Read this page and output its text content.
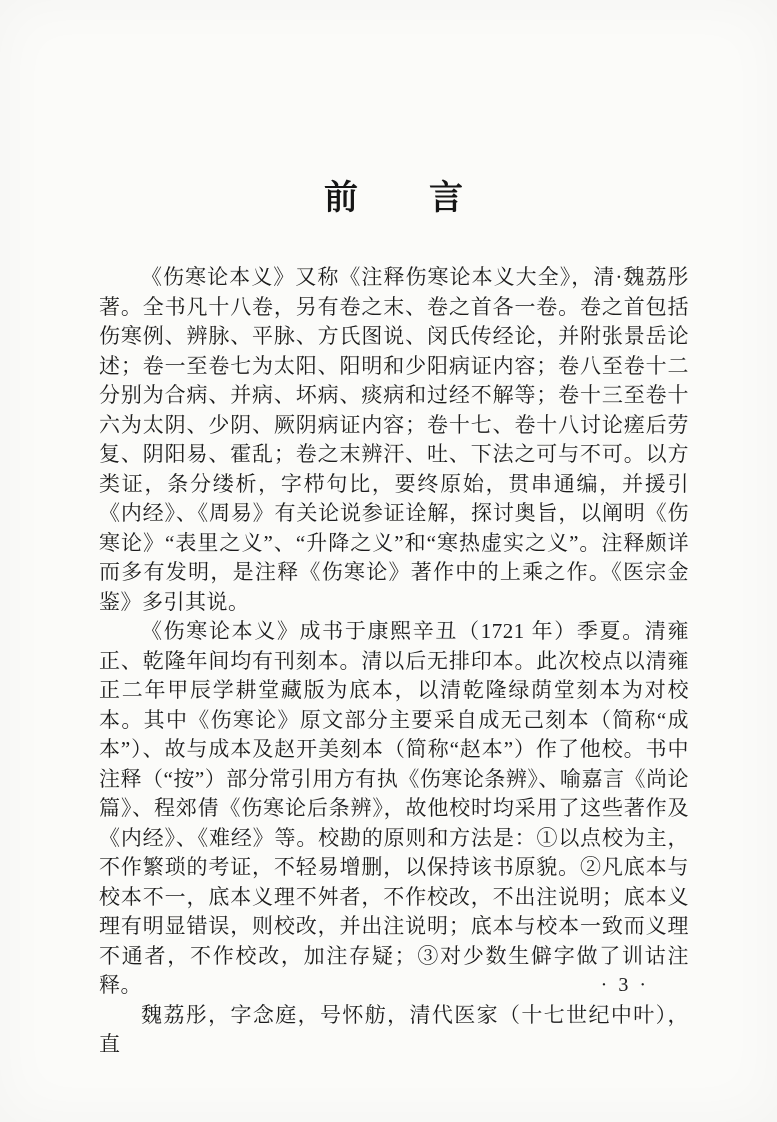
前　　言

《伤寒论本义》又称《注释伤寒论本义大全》，清·魏荔彤著。全书凡十八卷，另有卷之末、卷之首各一卷。卷之首包括伤寒例、辨脉、平脉、方氏图说、闵氏传经论，并附张景岳论述；卷一至卷七为太阳、阳明和少阳病证内容；卷八至卷十二分别为合病、并病、坏病、痰病和过经不解等；卷十三至卷十六为太阴、少阴、厥阴病证内容；卷十七、卷十八讨论瘥后劳复、阴阳易、霍乱；卷之末辨汗、吐、下法之可与不可。以方类证，条分缕析，字栉句比，要终原始，贯串通编，并援引《内经》、《周易》有关论说参证诠解，探讨奥旨，以阐明《伤寒论》“表里之义”、“升降之义”和“寒热虚实之义”。注释颇详而多有发明，是注释《伤寒论》著作中的上乘之作。《医宗金鉴》多引其说。

《伤寒论本义》成书于康熙辛丑（1721 年）季夏。清雍正、乾隆年间均有刊刻本。清以后无排印本。此次校点以清雍正二年甲辰学耕堂藏版为底本，以清乾隆绿荫堂刻本为对校本。其中《伤寒论》原文部分主要采自成无己刻本（简称“成本”）、故与成本及赵开美刻本（简称“赵本”）作了他校。书中注释（“按”）部分常引用方有执《伤寒论条辨》、喻嘉言《尚论篇》、程郊倩《伤寒论后条辨》，故他校时均采用了这些著作及《内经》、《难经》等。校勘的原则和方法是：①以点校为主，不作繁琐的考证，不轻易增删，以保持该书原貌。②凡底本与校本不一，底本义理不舛者，不作校改，不出注说明；底本义理有明显错误，则校改，并出注说明；底本与校本一致而义理不通者，不作校改，加注存疑；③对少数生僻字做了训诂注释。

魏荔彤，字念庭，号怀舫，清代医家（十七世纪中叶），直

· 3 ·
